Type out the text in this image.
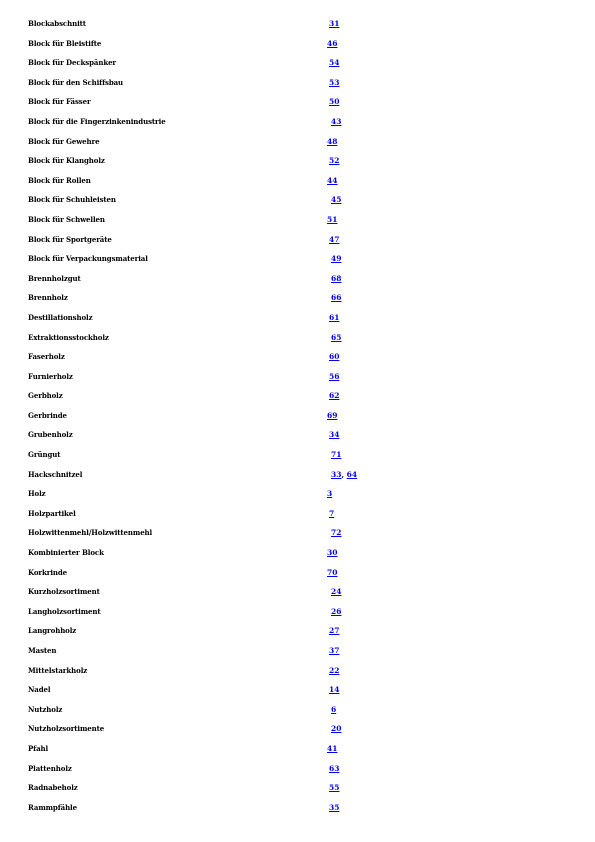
Blockabschnitt	31
Block für Bleistifte	46
Block für Deckspänker	54
Block für den Schiffsbau	53
Block für Fässer	50
Block für die Fingerzinkenindustrie	43
Block für Gewehre	48
Block für Klangholz	52
Block für Rollen	44
Block für Schuhleisten	45
Block für Schwellen	51
Block für Sportgeräte	47
Block für Verpackungsmaterial	49
Brennholzgut	68
Brennholz	66
Destillationsholz	61
Extraktionsstockholz	65
Faserholz	60
Furnierholz	56
Gerbholz	62
Gerbrinde	69
Grubenholz	34
Grüngut	71
Hackschnitzel	33, 64
Holz	3
Holzpartikel	7
Holzwittenmehl/Holzwittenmehl	72
Kombinierter Block	30
Korkrinde	70
Kurzholzsortiment	24
Langholzsortiment	26
Langrohholz	27
Masten	37
Mittelstarkholz	22
Nadel	14
Nutzholz	6
Nutzholzsortimente	20
Pfahl	41
Plattenholz	63
Radnabeholz	55
Rammpfähle	35
